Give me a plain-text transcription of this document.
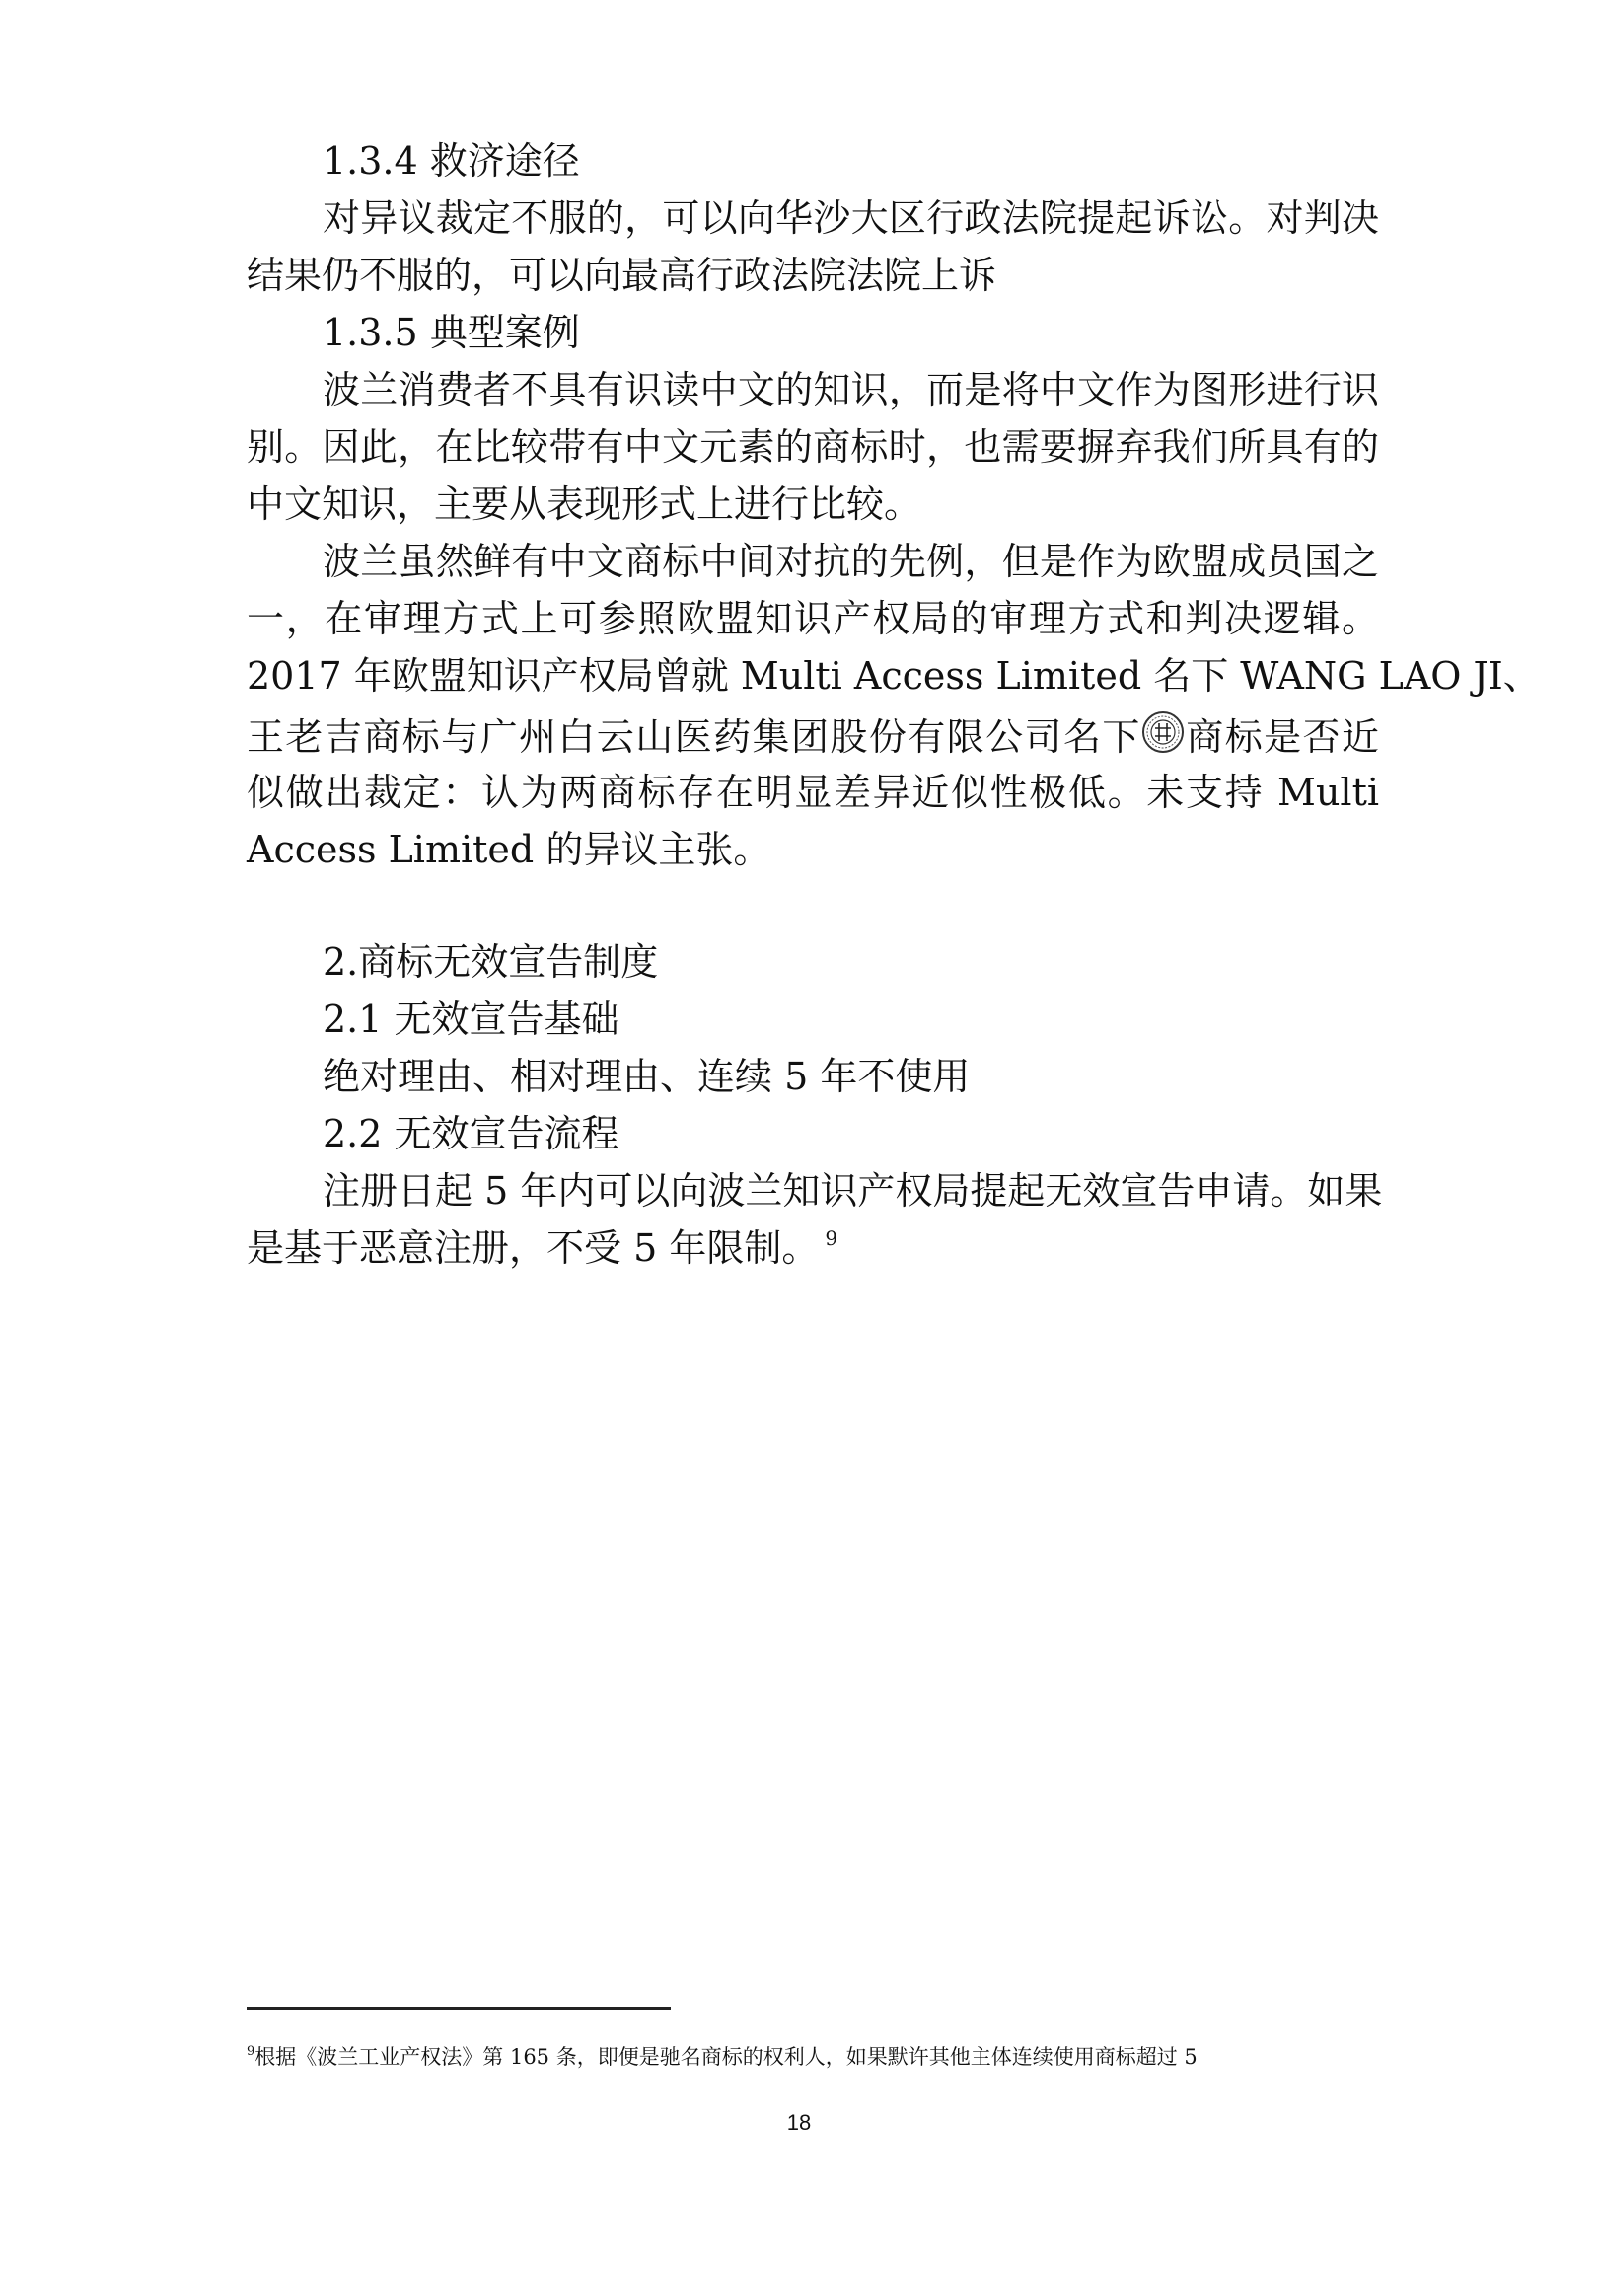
1.3.4 救济途径
对异议裁定不服的，可以向华沙大区行政法院提起诉讼。对判决
结果仍不服的，可以向最高行政法院法院上诉
1.3.5 典型案例
波兰消费者不具有识读中文的知识，而是将中文作为图形进行识
别。因此，在比较带有中文元素的商标时，也需要摒弃我们所具有的
中文知识，主要从表现形式上进行比较。
波兰虽然鲜有中文商标中间对抗的先例，但是作为欧盟成员国之
一，在审理方式上可参照欧盟知识产权局的审理方式和判决逻辑。
2017 年欧盟知识产权局曾就 Multi Access Limited 名下 WANG LAO JI、
王老吉商标与广州白云山医药集团股份有限公司名下 商标是否近
似做出裁定：认为两商标存在明显差异近似性极低。未支持 Multi
Access Limited 的异议主张。
2.商标无效宣告制度
2.1 无效宣告基础
绝对理由、相对理由、连续 5 年不使用
2.2 无效宣告流程
注册日起 5 年内可以向波兰知识产权局提起无效宣告申请。如果
是基于恶意注册，不受 5 年限制。 $^9$
$^9$根据《波兰工业产权法》第 165 条，即便是驰名商标的权利人，如果默许其他主体连续使用商标超过 5
18
